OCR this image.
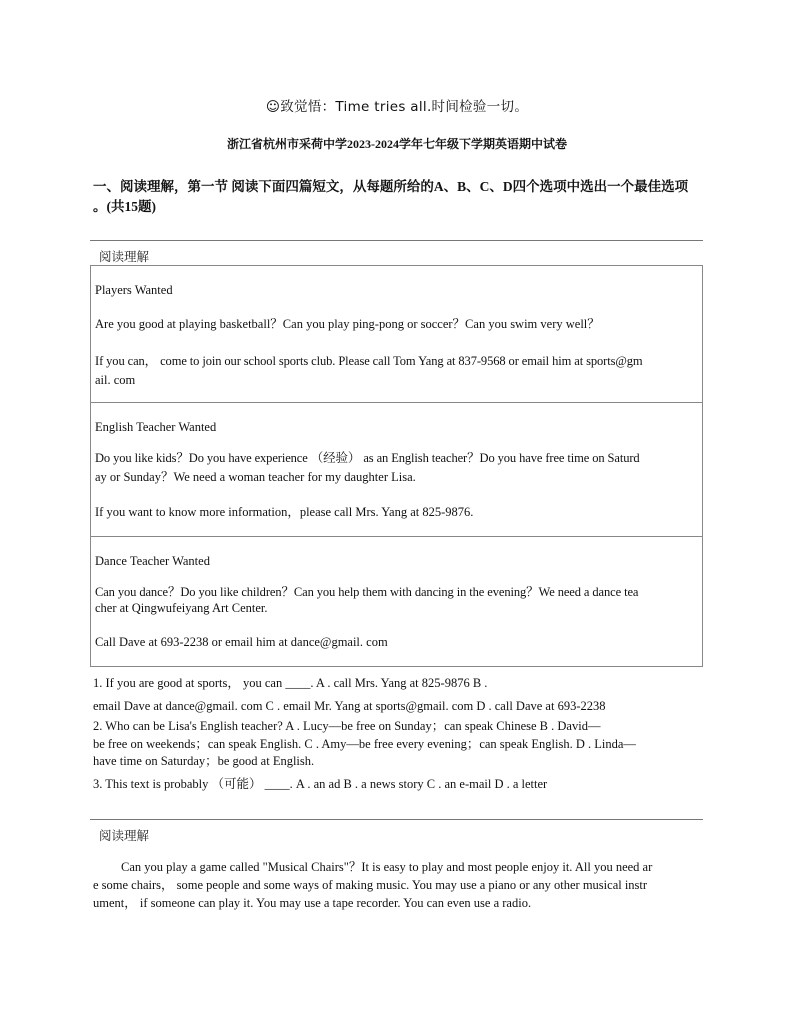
☺致觉悟：Time tries all.时间检验一切。
浙江省杭州市采荷中学2023-2024学年七年级下学期英语期中试卷
一、阅读理解，第一节 阅读下面四篇短文，从每题所给的A、B、C、D四个选项中选出一个最佳选项
。(共15题)
阅读理解
Players Wanted
Are you good at playing basketball？Can you play ping-pong or soccer？Can you swim very well？
If you can， come to join our school sports club. Please call Tom Yang at 837-9568 or email him at sports@gm
ail. com
English Teacher Wanted
Do you like kids？Do you have experience （经验） as an English teacher？Do you have free time on Saturd
ay or Sunday？We need a woman teacher for my daughter Lisa.
If you want to know more information，please call Mrs. Yang at 825-9876.
Dance Teacher Wanted
Can you dance？Do you like children？Can you help them with dancing in the evening？We need a dance tea
cher at Qingwufeiyang Art Center.
Call Dave at 693-2238 or email him at dance@gmail. com
1. If you are good at sports， you can ____. A . call Mrs. Yang at 825-9876 B .
email Dave at dance@gmail. com C . email Mr. Yang at sports@gmail. com D . call Dave at 693-2238
2. Who can be Lisa's English teacher? A . Lucy—be free on Sunday；can speak Chinese B . David—
be free on weekends；can speak English. C . Amy—be free every evening；can speak English. D . Linda—
have time on Saturday；be good at English.
3. This text is probably （可能） ____. A . an ad B . a news story C . an e-mail D . a letter
阅读理解
Can you play a game called "Musical Chairs"？It is easy to play and most people enjoy it. All you need ar
e some chairs， some people and some ways of making music. You may use a piano or any other musical instr
ument， if someone can play it. You may use a tape recorder. You can even use a radio.
